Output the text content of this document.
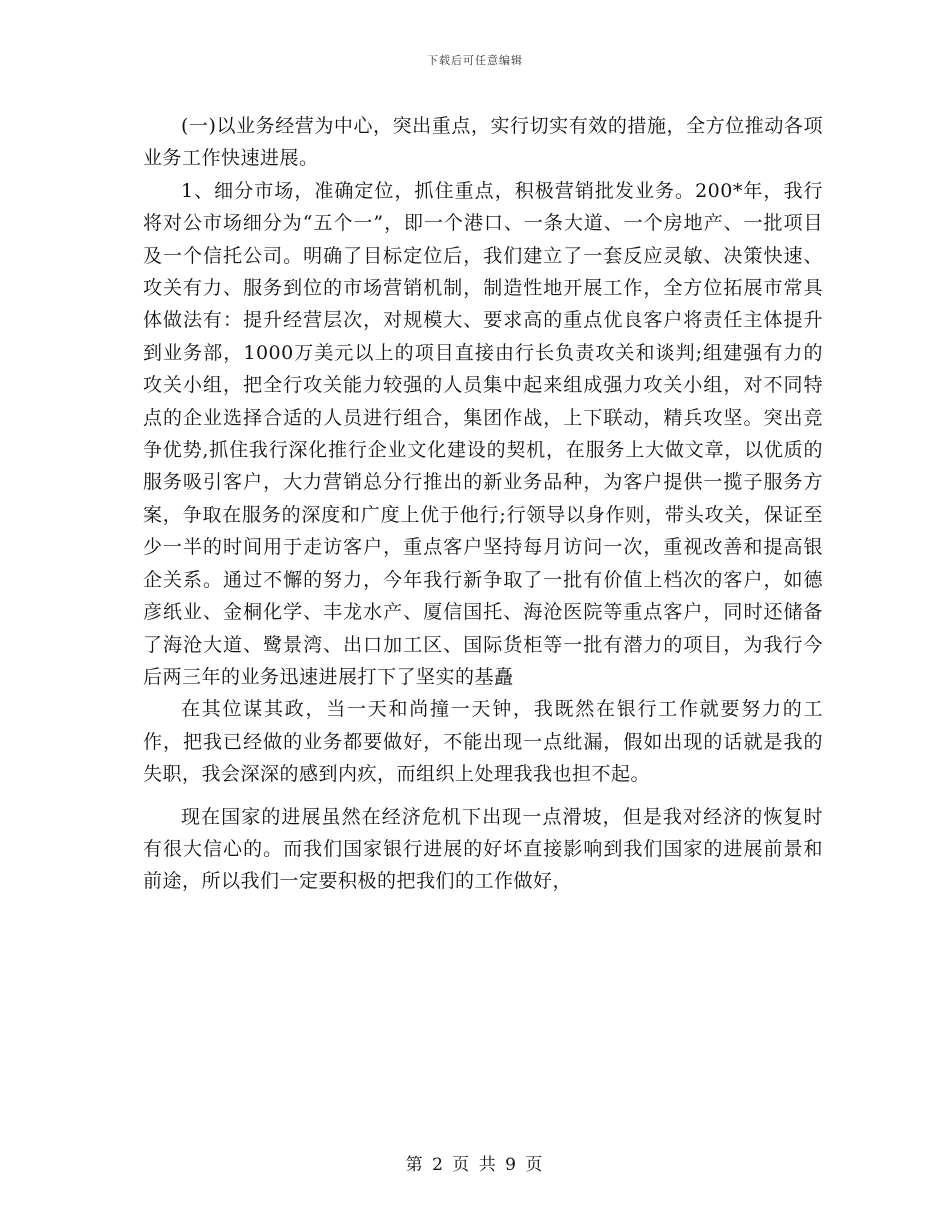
下载后可任意编辑

(一)以业务经营为中心，突出重点，实行切实有效的措施，全方位推动各项业务工作快速进展。

1、细分市场，准确定位，抓住重点，积极营销批发业务。200*年，我行将对公市场细分为“五个一”，即一个港口、一条大道、一个房地产、一批项目及一个信托公司。明确了目标定位后，我们建立了一套反应灵敏、决策快速、攻关有力、服务到位的市场营销机制，制造性地开展工作，全方位拓展市常具体做法有：提升经营层次，对规模大、要求高的重点优良客户将责任主体提升到业务部，1000万美元以上的项目直接由行长负责攻关和谈判;组建强有力的攻关小组，把全行攻关能力较强的人员集中起来组成强力攻关小组，对不同特点的企业选择合适的人员进行组合，集团作战，上下联动，精兵攻坚。突出竞争优势,抓住我行深化推行企业文化建设的契机，在服务上大做文章，以优质的服务吸引客户，大力营销总分行推出的新业务品种，为客户提供一揽子服务方案，争取在服务的深度和广度上优于他行;行领导以身作则，带头攻关，保证至少一半的时间用于走访客户，重点客户坚持每月访问一次，重视改善和提高银企关系。通过不懈的努力，今年我行新争取了一批有价值上档次的客户，如德彦纸业、金桐化学、丰龙水产、厦信国托、海沧医院等重点客户，同时还储备了海沧大道、鹭景湾、出口加工区、国际货柜等一批有潜力的项目，为我行今后两三年的业务迅速进展打下了坚实的基矗

在其位谋其政，当一天和尚撞一天钟，我既然在银行工作就要努力的工作，把我已经做的业务都要做好，不能出现一点纰漏，假如出现的话就是我的失职，我会深深的感到内疚，而组织上处理我我也担不起。

现在国家的进展虽然在经济危机下出现一点滑坡，但是我对经济的恢复时有很大信心的。而我们国家银行进展的好坏直接影响到我们国家的进展前景和前途，所以我们一定要积极的把我们的工作做好，

第 2 页 共 9 页
